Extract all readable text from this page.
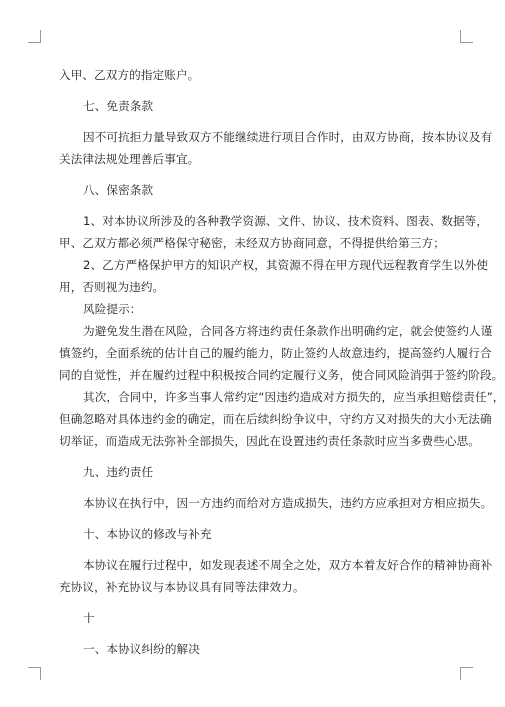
入甲、乙双方的指定账户。
七、免责条款
因不可抗拒力量导致双方不能继续进行项目合作时，由双方协商，按本协议及有
关法律法规处理善后事宜。
八、保密条款
1、对本协议所涉及的各种教学资源、文件、协议、技术资料、图表、数据等，
甲、乙双方都必须严格保守秘密，未经双方协商同意，不得提供给第三方；
2、乙方严格保护甲方的知识产权，其资源不得在甲方现代远程教育学生以外使
用，否则视为违约。
风险提示：
为避免发生潜在风险，合同各方将违约责任条款作出明确约定，就会使签约人谨
慎签约，全面系统的估计自己的履约能力，防止签约人故意违约，提高签约人履行合
同的自觉性，并在履约过程中积极按合同约定履行义务，使合同风险消弭于签约阶段。
其次，合同中，许多当事人常约定“因违约造成对方损失的，应当承担赔偿责任”，
但确忽略对具体违约金的确定，而在后续纠纷争议中，守约方又对损失的大小无法确
切举证，而造成无法弥补全部损失，因此在设置违约责任条款时应当多费些心思。
九、违约责任
本协议在执行中，因一方违约而给对方造成损失，违约方应承担对方相应损失。
十、本协议的修改与补充
本协议在履行过程中，如发现表述不周全之处，双方本着友好合作的精神协商补
充协议，补充协议与本协议具有同等法律效力。
十
一、本协议纠纷的解决
